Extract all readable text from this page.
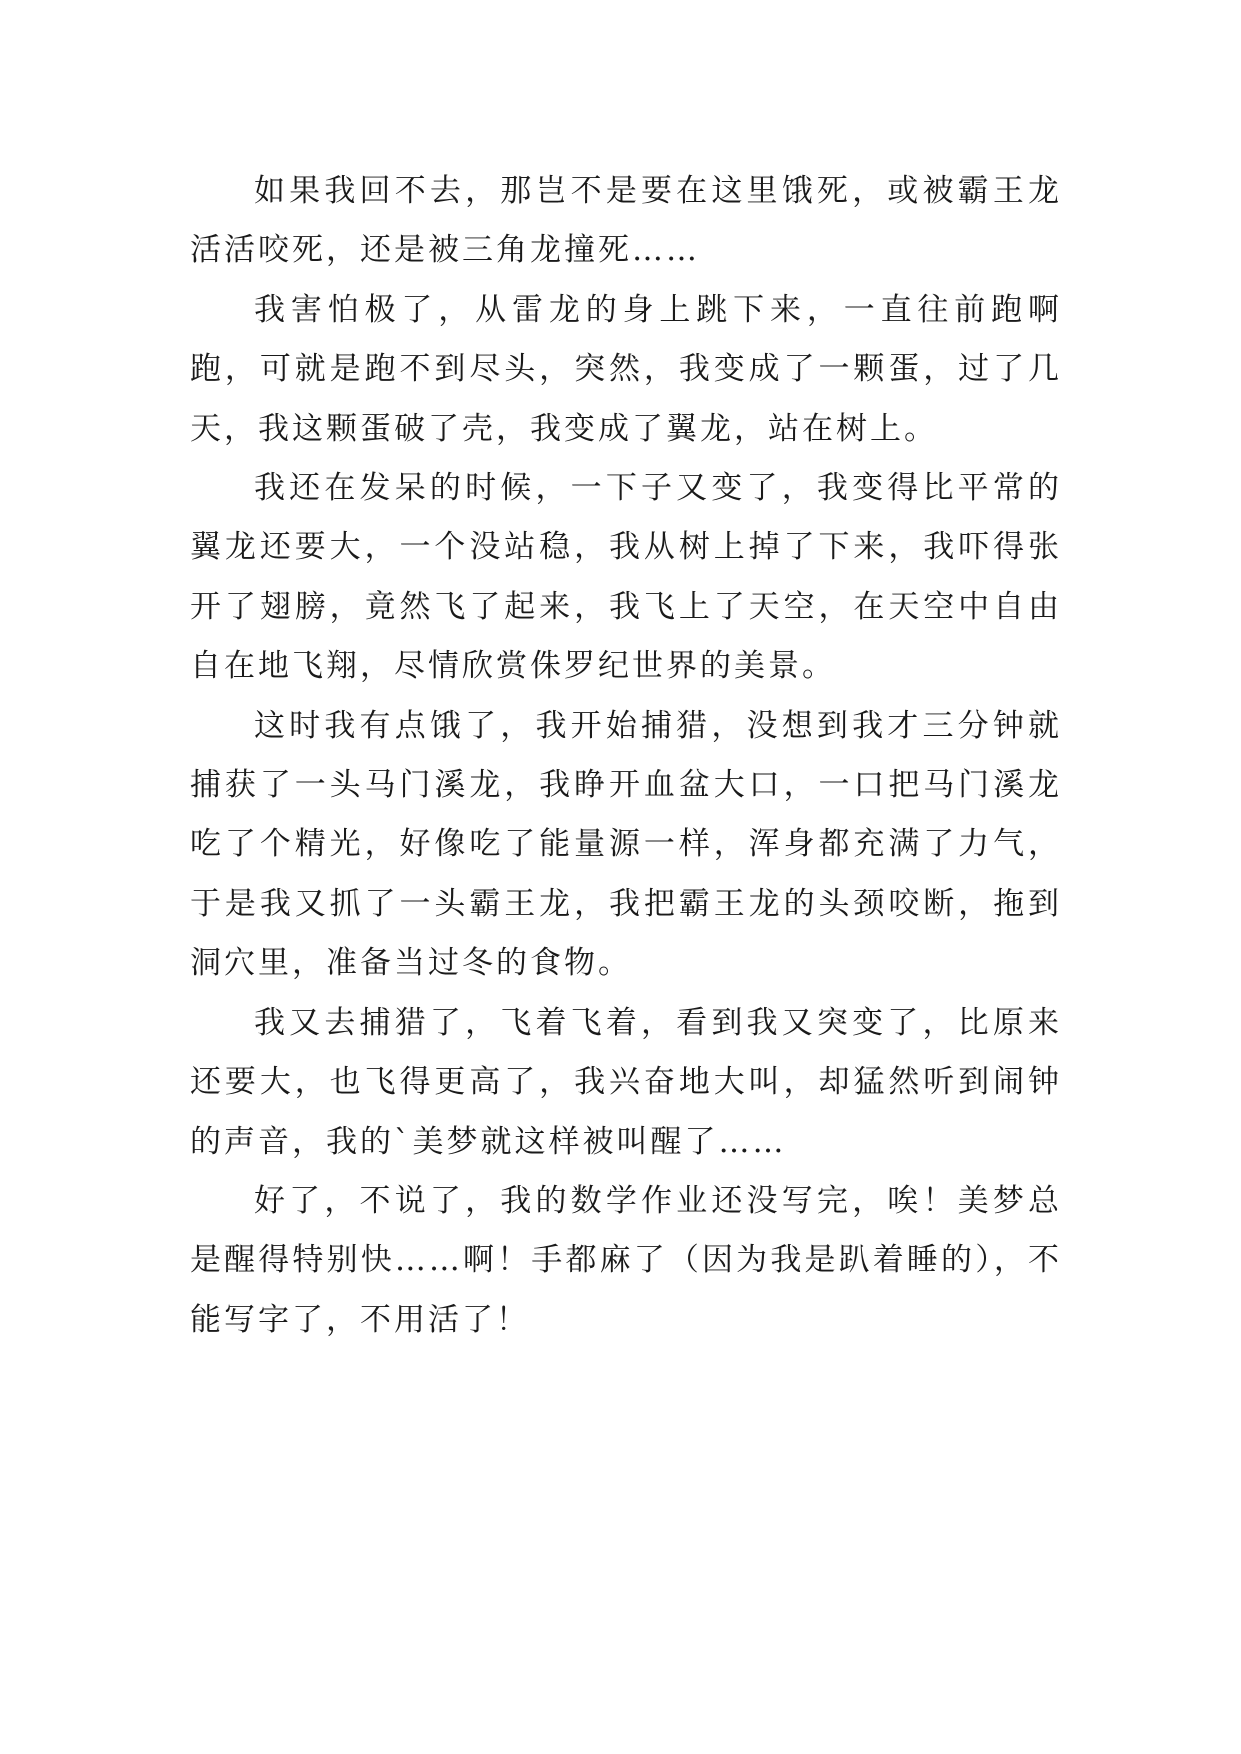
如果我回不去，那岂不是要在这里饿死，或被霸王龙活活咬死，还是被三角龙撞死……

我害怕极了，从雷龙的身上跳下来，一直往前跑啊跑，可就是跑不到尽头，突然，我变成了一颗蛋，过了几天，我这颗蛋破了壳，我变成了翼龙，站在树上。

我还在发呆的时候，一下子又变了，我变得比平常的翼龙还要大，一个没站稳，我从树上掉了下来，我吓得张开了翅膀，竟然飞了起来，我飞上了天空，在天空中自由自在地飞翔，尽情欣赏侏罗纪世界的美景。

这时我有点饿了，我开始捕猎，没想到我才三分钟就捕获了一头马门溪龙，我睁开血盆大口，一口把马门溪龙吃了个精光，好像吃了能量源一样，浑身都充满了力气，于是我又抓了一头霸王龙，我把霸王龙的头颈咬断，拖到洞穴里，准备当过冬的食物。

我又去捕猎了，飞着飞着，看到我又突变了，比原来还要大，也飞得更高了，我兴奋地大叫，却猛然听到闹钟的声音，我的`美梦就这样被叫醒了……

好了，不说了，我的数学作业还没写完，唉！美梦总是醒得特别快……啊！手都麻了（因为我是趴着睡的），不能写字了，不用活了！
